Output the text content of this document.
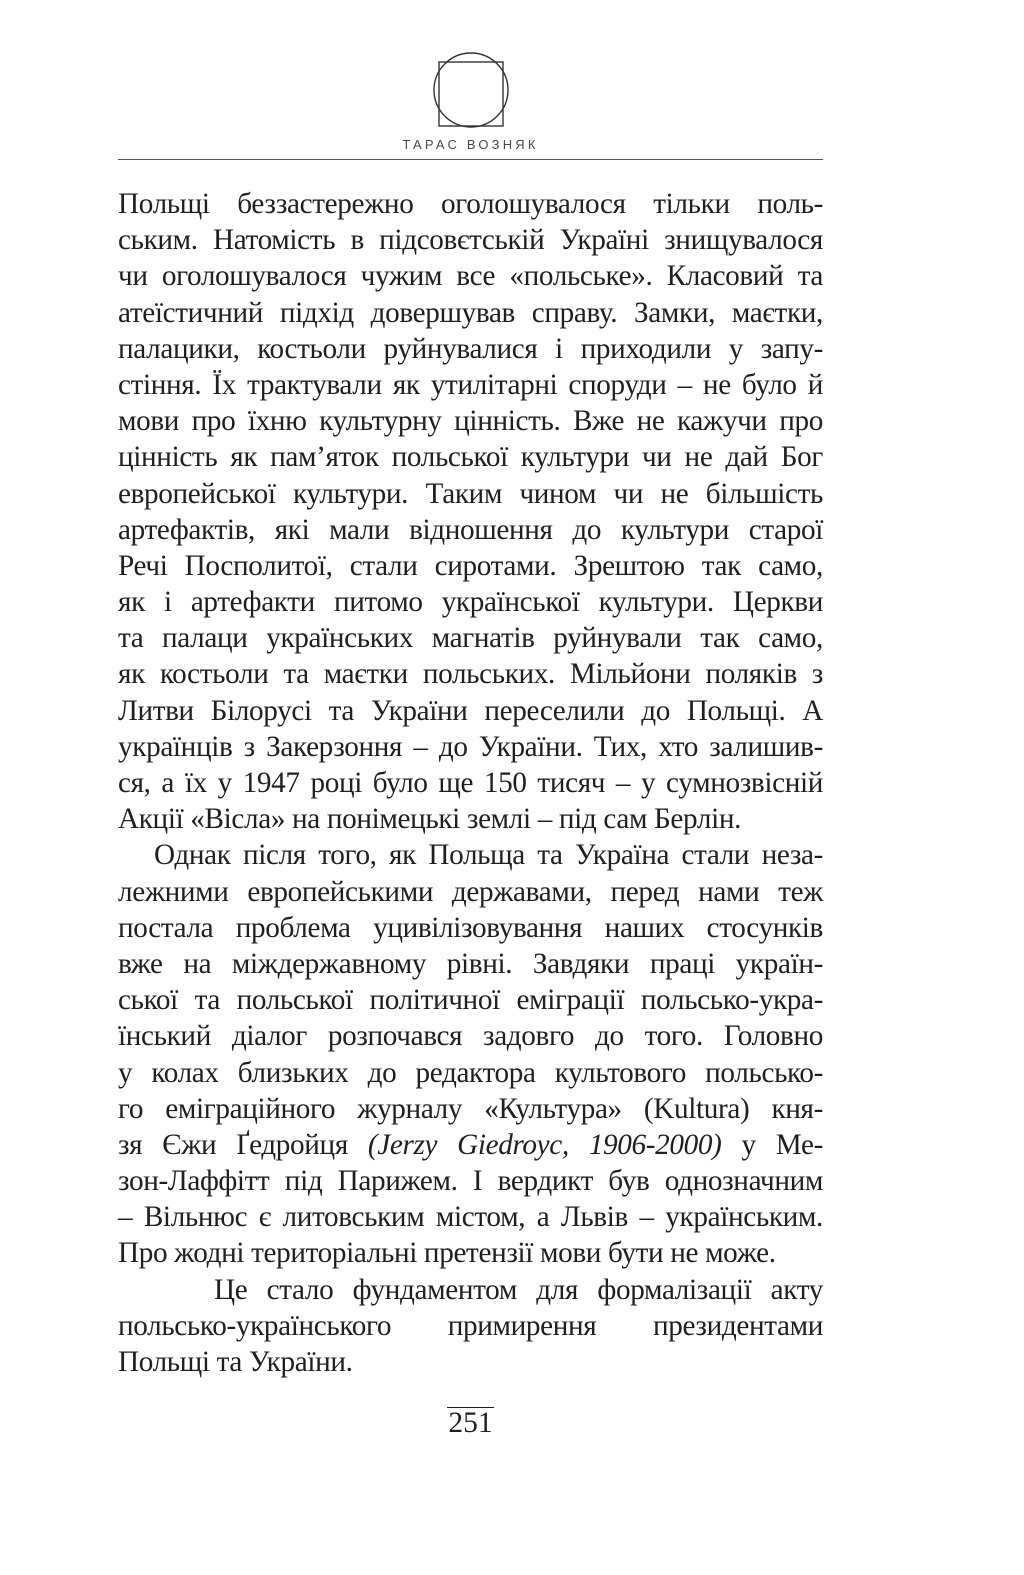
ТАРАС ВОЗНЯК
Польщі беззастережно оголошувалося тільки поль-
ським. Натомість в підсовєтській Україні знищувалося
чи оголошувалося чужим все «польське». Класовий та
атеїстичний підхід довершував справу. Замки, маєтки,
палацики, костьоли руйнувалися і приходили у запу-
стіння. Їх трактували як утилітарні споруди – не було й
мови про їхню культурну цінність. Вже не кажучи про
цінність як пам’яток польської культури чи не дай Бог
европейської культури. Таким чином чи не більшість
артефактів, які мали відношення до культури старої
Речі Посполитої, стали сиротами. Зрештою так само,
як і артефакти питомо української культури. Церкви
та палаци українських магнатів руйнували так само,
як костьоли та маєтки польських. Мільйони поляків з
Литви Білорусі та України переселили до Польщі. А
українців з Закерзоння – до України. Тих, хто залишив-
ся, а їх у 1947 році було ще 150 тисяч – у сумнозвісній
Акції «Вісла» на понімецькі землі – під сам Берлін.
Однак після того, як Польща та Україна стали неза-
лежними европейськими державами, перед нами теж
постала проблема уцивілізовування наших стосунків
вже на міждержавному рівні. Завдяки праці україн-
ської та польської політичної еміграції польсько-укра-
їнський діалог розпочався задовго до того. Головно
у колах близьких до редактора культового польсько-
го еміграційного журналу «Культура» (Kultura) кня-
зя Єжи Ґедройця (Jerzy Giedroyc, 1906-2000) у Ме-
зон-Лаффітт під Парижем. І вердикт був однозначним
– Вільнюс є литовським містом, а Львів – українським.
Про жодні територіальні претензії мови бути не може.
Це стало фундаментом для формалізації акту
польсько-українського примирення президентами
Польщі та України.
251
